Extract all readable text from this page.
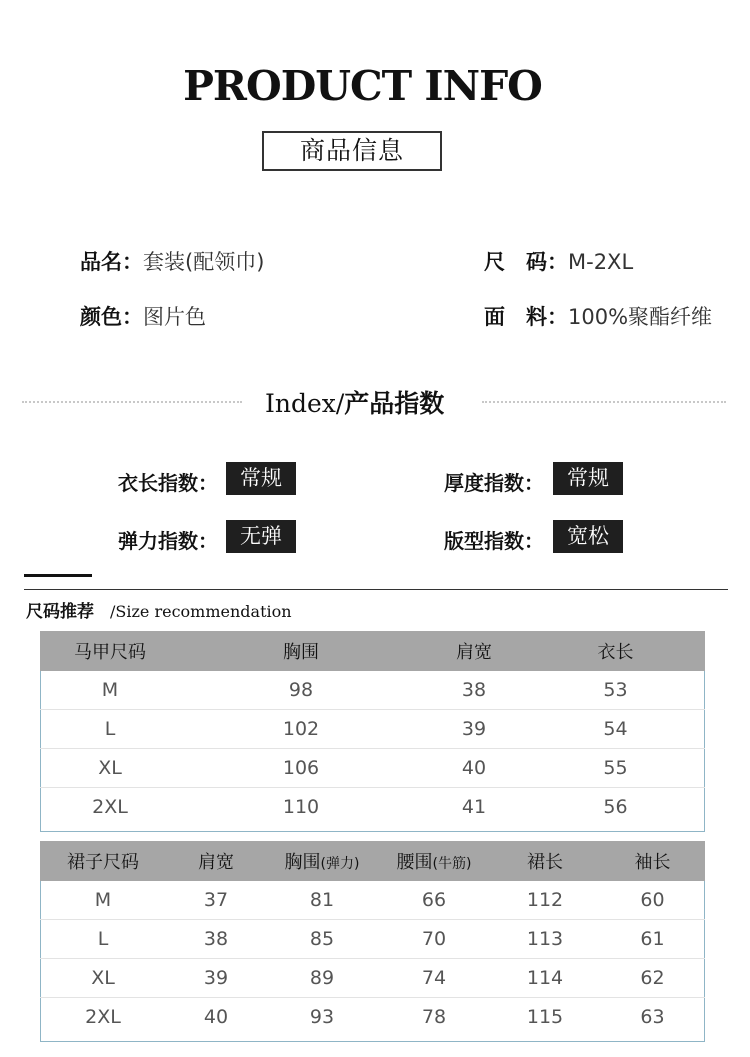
PRODUCT INFO
商品信息
品名：套装(配领巾)	尺　码：M-2XL
颜色：图片色	面　料：100%聚酯纤维
Index/产品指数
衣长指数：	常规	厚度指数：	常规
弹力指数：	无弹	版型指数：	宽松
尺码推荐 /Size recommendation
马甲尺码	胸围	肩宽	衣长
M	98	38	53
L	102	39	54
XL	106	40	55
2XL	110	41	56
裙子尺码	肩宽	胸围(弹力)	腰围(牛筋)	裙长	袖长
M	37	81	66	112	60
L	38	85	70	113	61
XL	39	89	74	114	62
2XL	40	93	78	115	63
